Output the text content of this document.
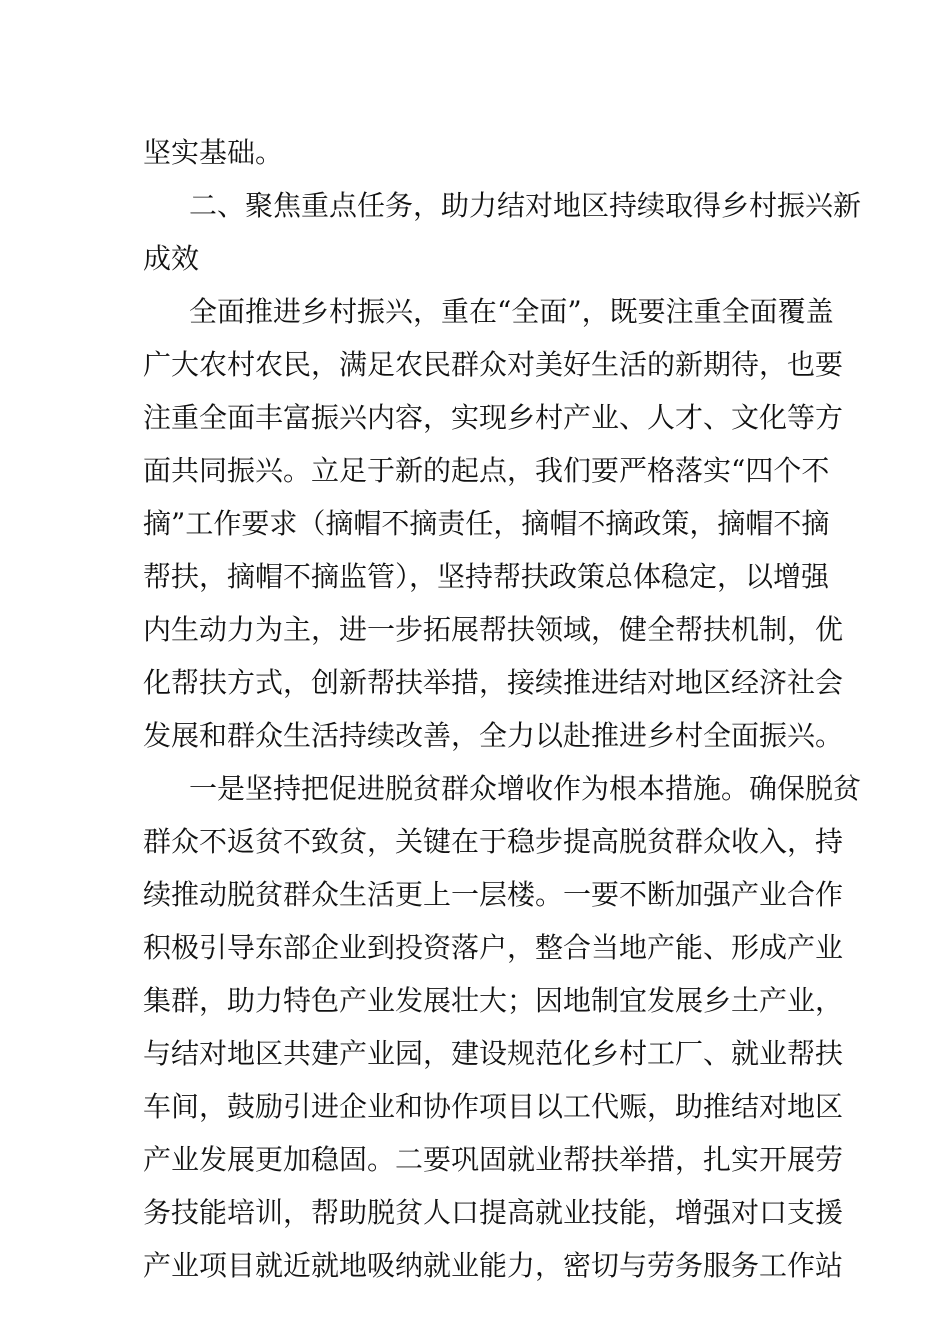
坚实基础。
二、聚焦重点任务，助力结对地区持续取得乡村振兴新
成效
全面推进乡村振兴，重在“全面”，既要注重全面覆盖
广大农村农民，满足农民群众对美好生活的新期待，也要
注重全面丰富振兴内容，实现乡村产业、人才、文化等方
面共同振兴。立足于新的起点，我们要严格落实“四个不
摘”工作要求（摘帽不摘责任，摘帽不摘政策，摘帽不摘
帮扶，摘帽不摘监管），坚持帮扶政策总体稳定，以增强
内生动力为主，进一步拓展帮扶领域，健全帮扶机制，优
化帮扶方式，创新帮扶举措，接续推进结对地区经济社会
发展和群众生活持续改善，全力以赴推进乡村全面振兴。
一是坚持把促进脱贫群众增收作为根本措施。确保脱贫
群众不返贫不致贫，关键在于稳步提高脱贫群众收入，持
续推动脱贫群众生活更上一层楼。一要不断加强产业合作
积极引导东部企业到投资落户，整合当地产能、形成产业
集群，助力特色产业发展壮大；因地制宜发展乡土产业，
与结对地区共建产业园，建设规范化乡村工厂、就业帮扶
车间，鼓励引进企业和协作项目以工代赈，助推结对地区
产业发展更加稳固。二要巩固就业帮扶举措，扎实开展劳
务技能培训，帮助脱贫人口提高就业技能，增强对口支援
产业项目就近就地吸纳就业能力，密切与劳务服务工作站
